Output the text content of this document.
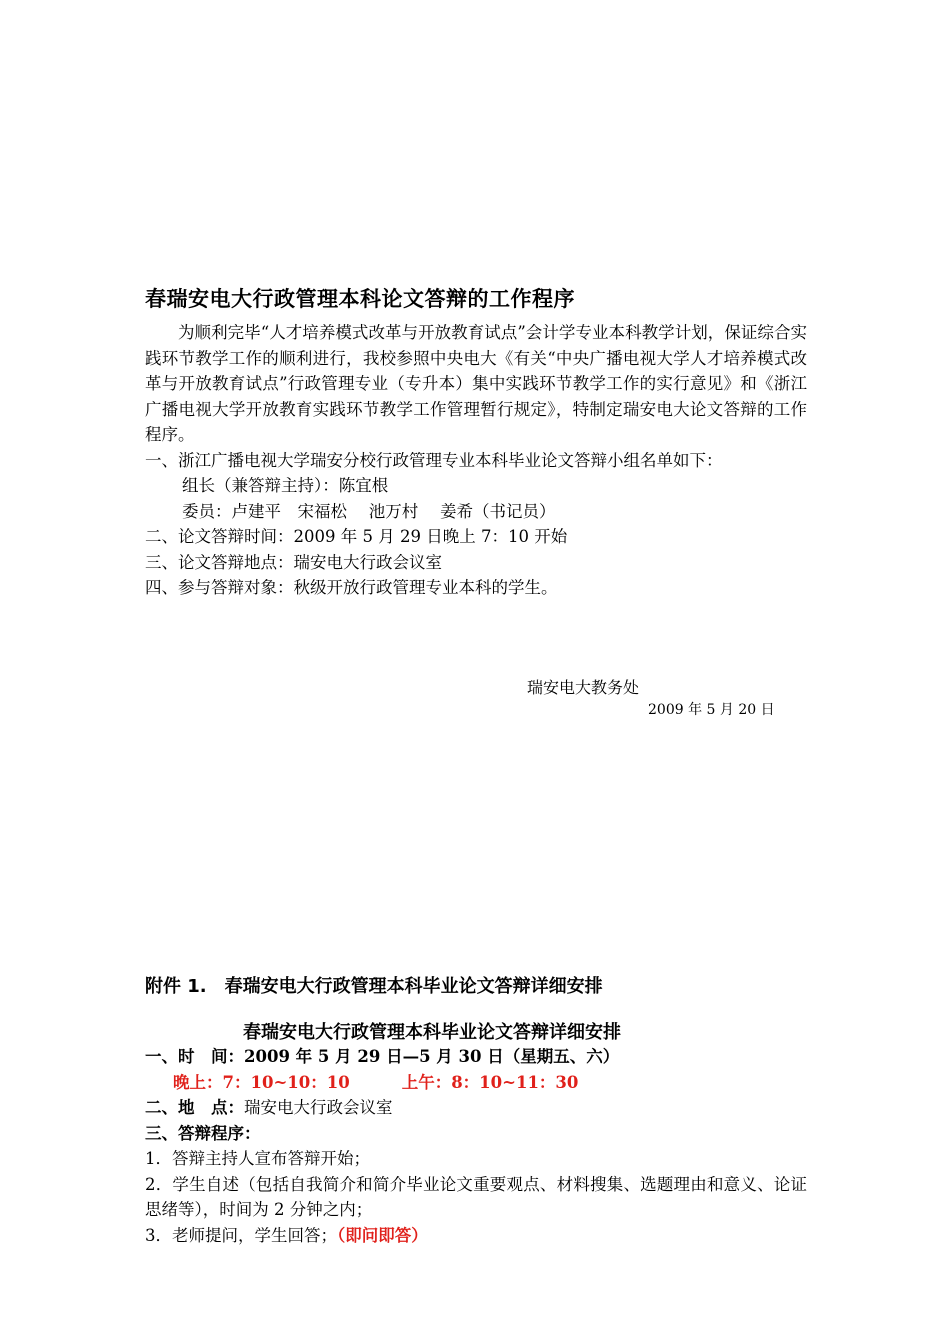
春瑞安电大行政管理本科论文答辩的工作程序
为顺利完毕“人才培养模式改革与开放教育试点”会计学专业本科教学计划，保证综合实践环节教学工作的顺利进行，我校参照中央电大《有关“中央广播电视大学人才培养模式改革与开放教育试点”行政管理专业（专升本）集中实践环节教学工作的实行意见》和《浙江广播电视大学开放教育实践环节教学工作管理暂行规定》，特制定瑞安电大论文答辩的工作程序。
一、浙江广播电视大学瑞安分校行政管理专业本科毕业论文答辩小组名单如下：
组长（兼答辩主持）：陈宜根
委员：卢建平　宋福松　 池万村　 姜希（书记员）
二、论文答辩时间：2009 年 5 月 29 日晚上 7：10 开始
三、论文答辩地点：瑞安电大行政会议室
四、参与答辩对象：秋级开放行政管理专业本科的学生。
瑞安电大教务处
2009 年 5 月 20 日
附件 1.　春瑞安电大行政管理本科毕业论文答辩详细安排
春瑞安电大行政管理本科毕业论文答辩详细安排
一、时　间：2009 年 5 月 29 日—5 月 30 日（星期五、六）
晚上：7：10~10：10	上午：8：10~11：30
二、地　点：瑞安电大行政会议室
三、答辩程序：
1．答辩主持人宣布答辩开始；
2．学生自述（包括自我简介和简介毕业论文重要观点、材料搜集、选题理由和意义、论证思绪等），时间为 2 分钟之内；
3．老师提问，学生回答；（即问即答）
